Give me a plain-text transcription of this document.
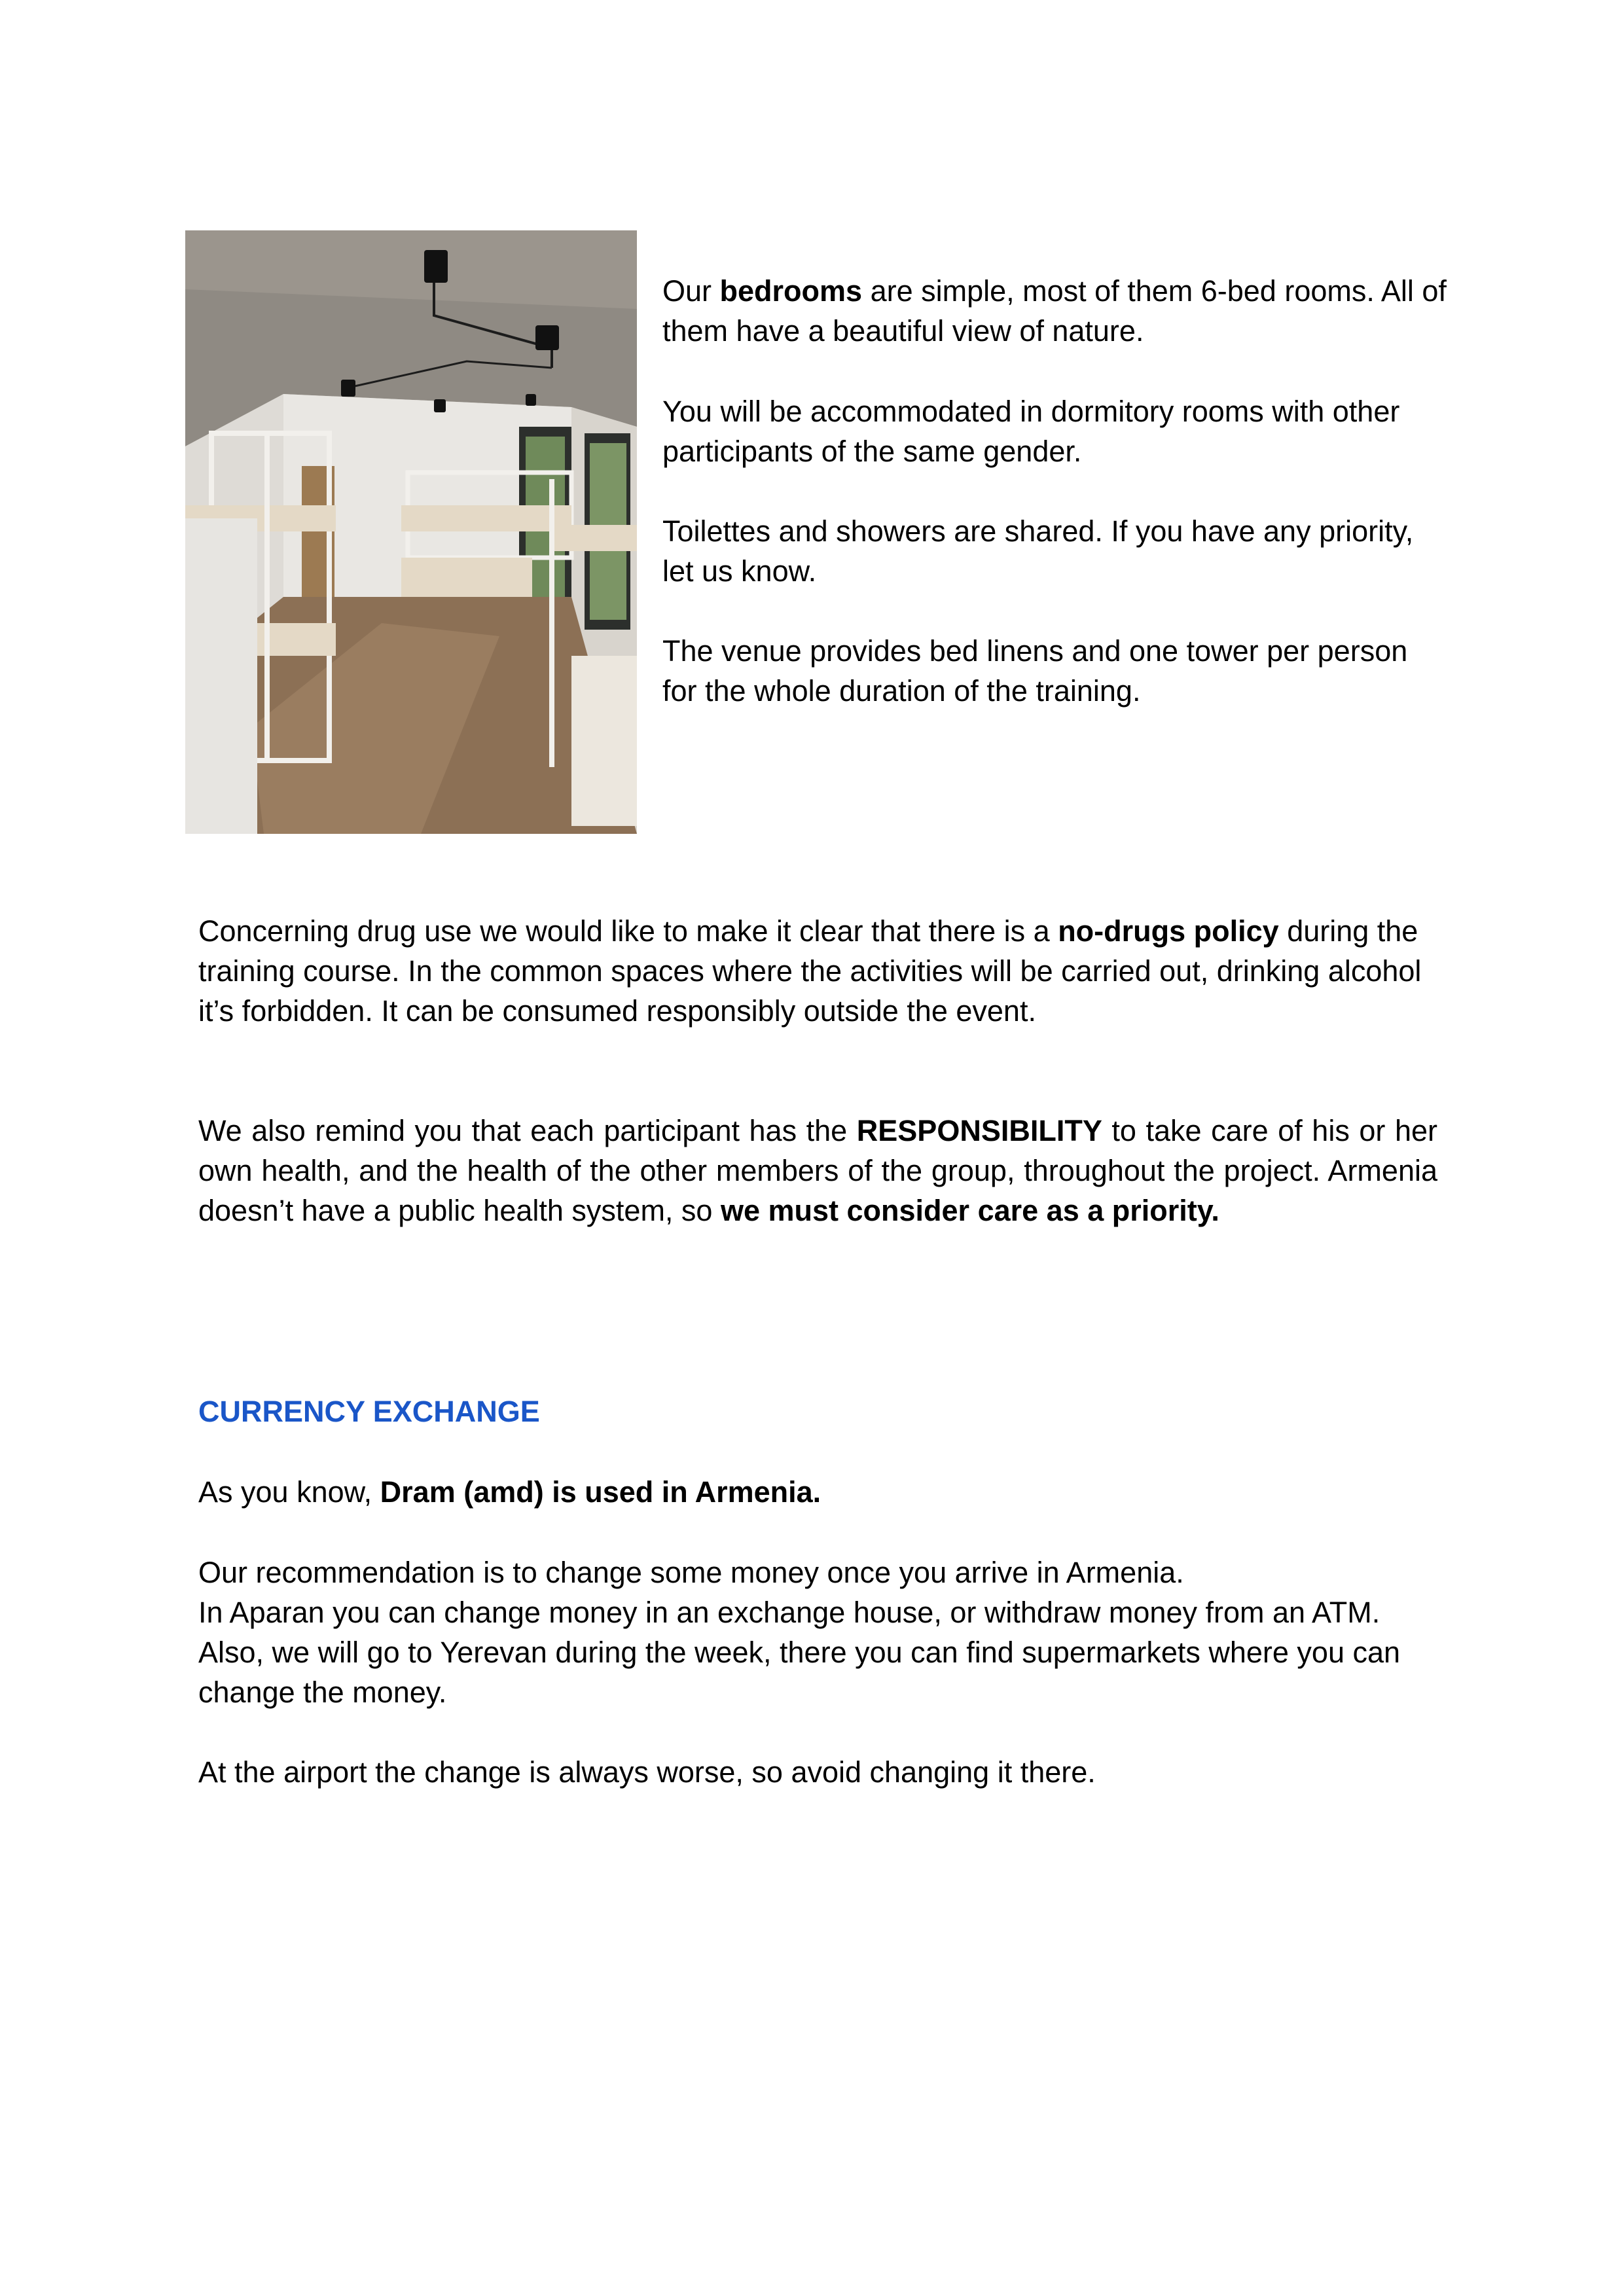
Our bedrooms are simple, most of them 6-bed rooms. All of them have a beautiful view of nature.

You will be accommodated in dormitory rooms with other participants of the same gender.

Toilettes and showers are shared. If you have any priority, let us know.

The venue provides bed linens and one tower per person for the whole duration of the training.

Concerning drug use we would like to make it clear that there is a no-drugs policy during the training course. In the common spaces where the activities will be carried out, drinking alcohol it’s forbidden. It can be consumed responsibly outside the event.

We also remind you that each participant has the RESPONSIBILITY to take care of his or her own health, and the health of the other members of the group, throughout the project. Armenia doesn’t have a public health system, so we must consider care as a priority.

CURRENCY EXCHANGE

As you know, Dram (amd) is used in Armenia.

Our recommendation is to change some money once you arrive in Armenia.
In Aparan you can change money in an exchange house, or withdraw money from an ATM.
Also, we will go to Yerevan during the week, there you can find supermarkets where you can change the money.

At the airport the change is always worse, so avoid changing it there.
